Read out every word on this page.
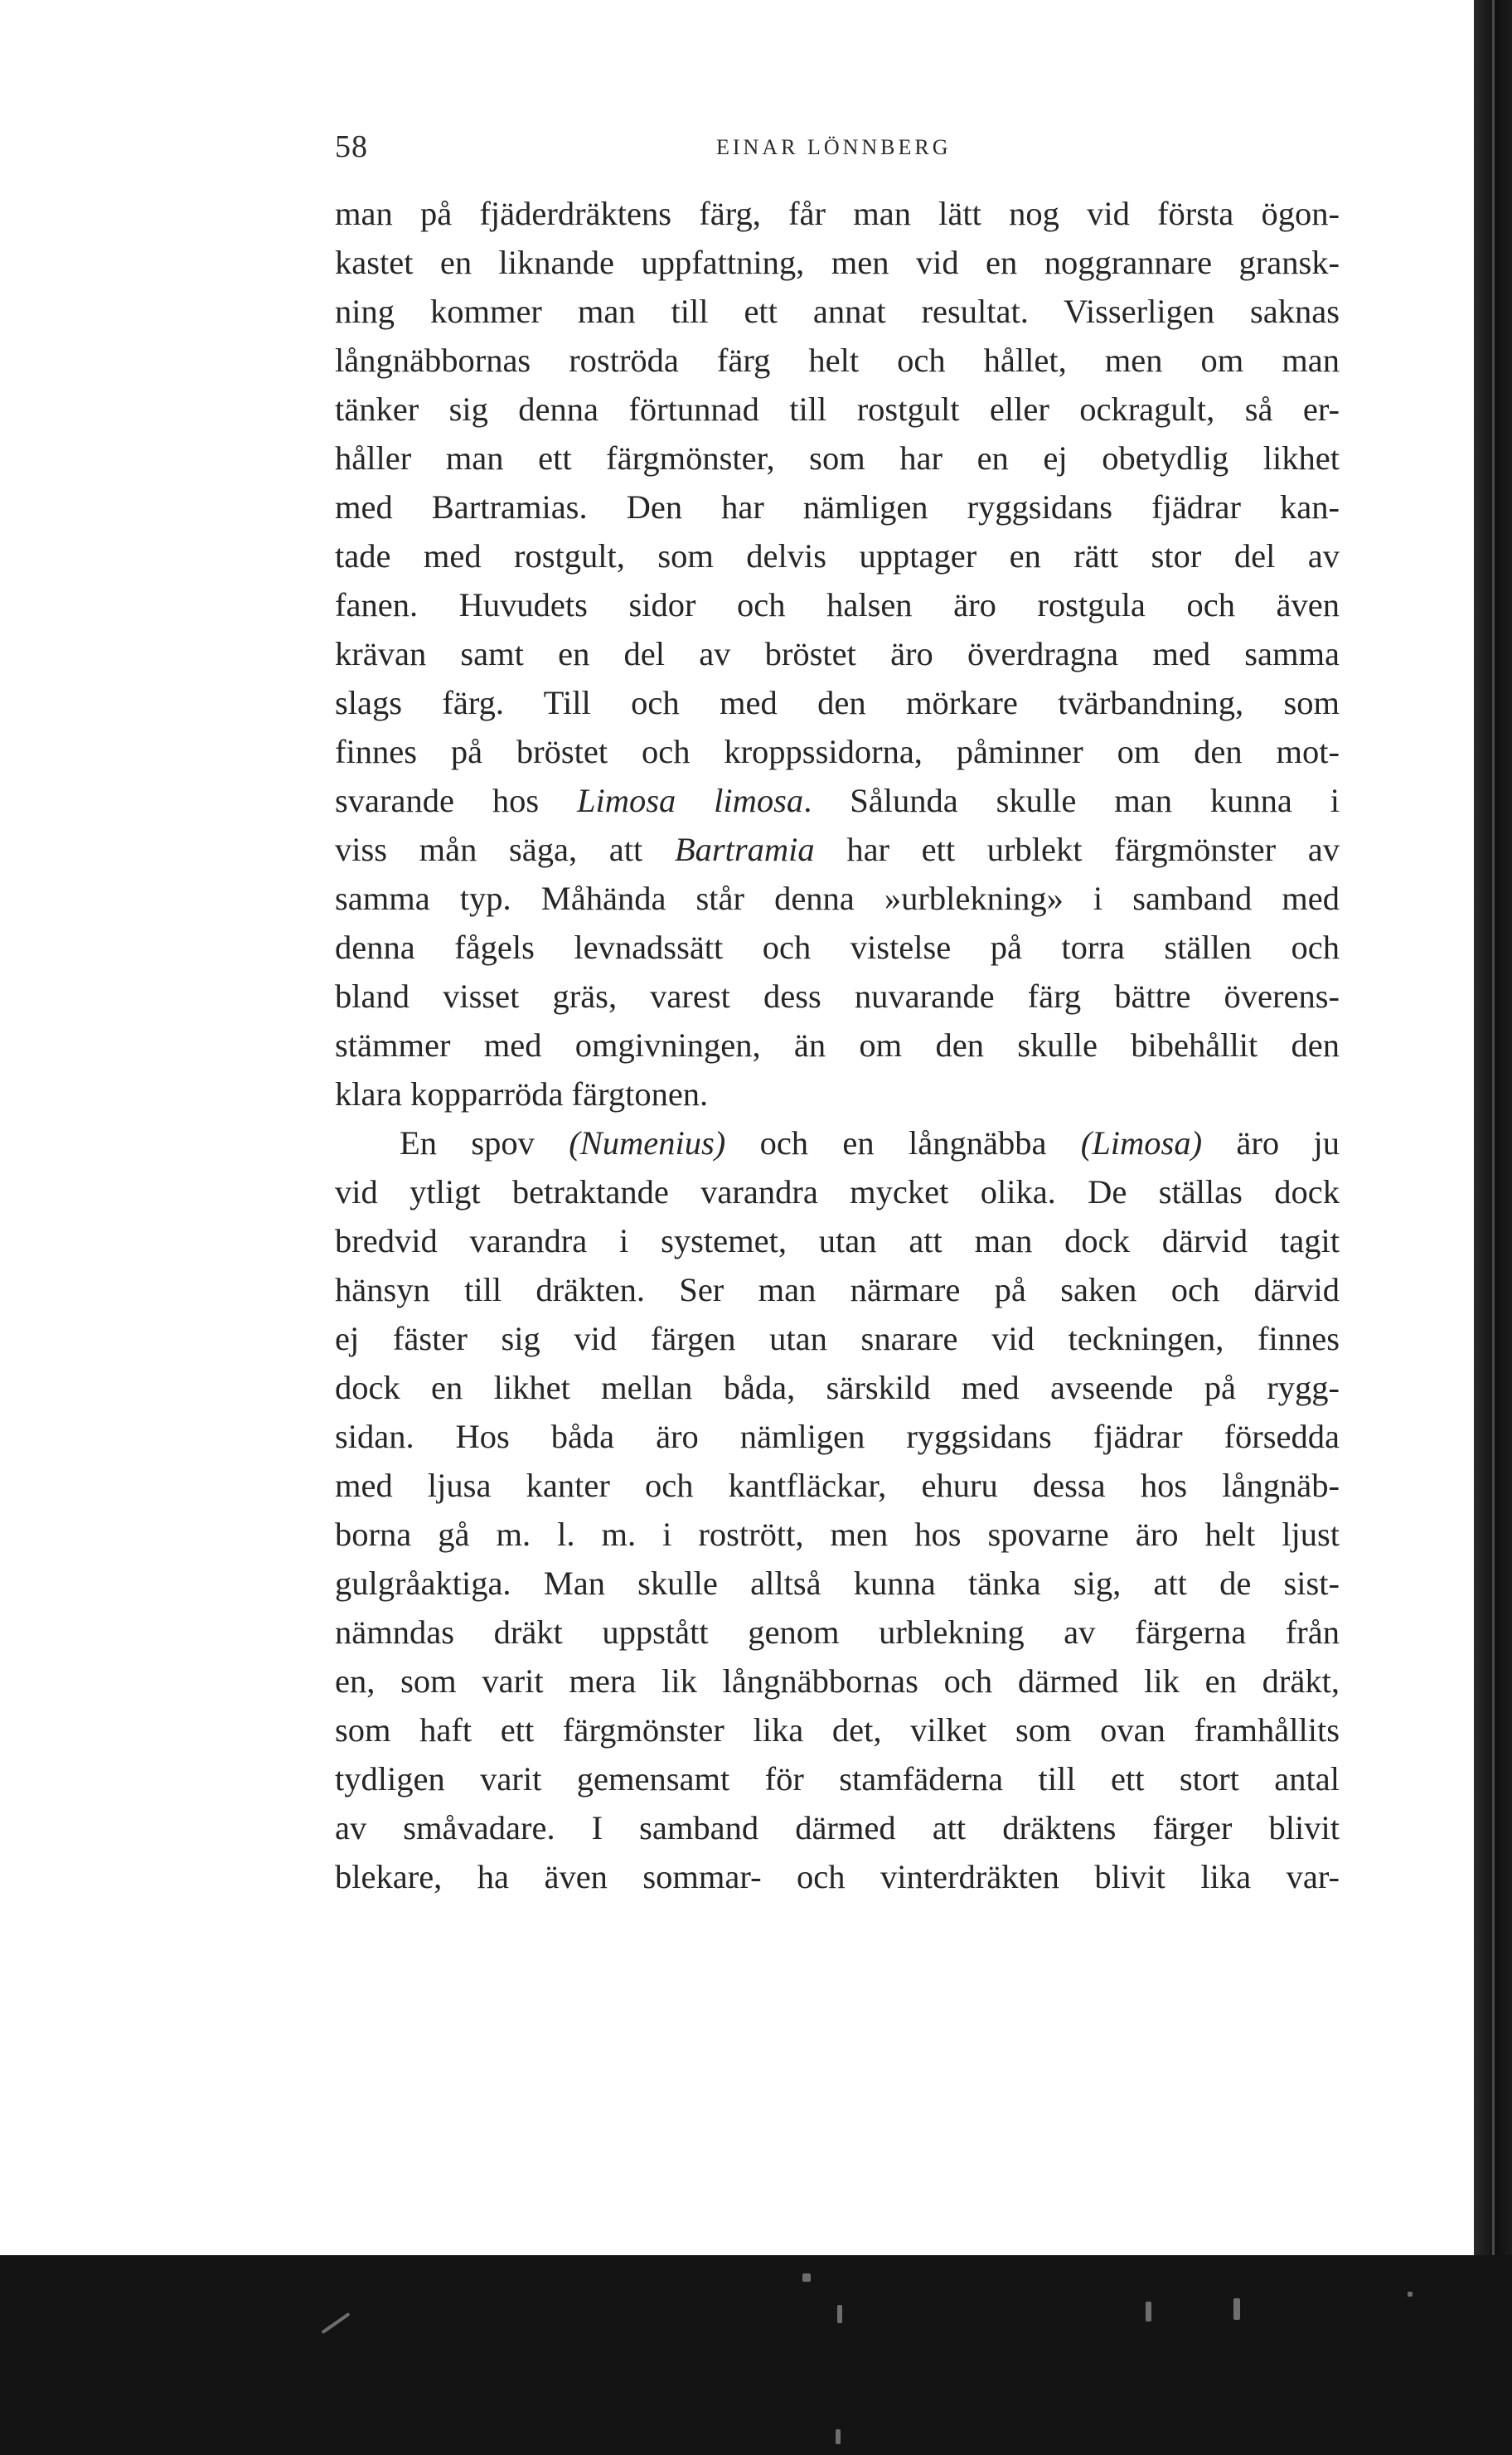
58	EINAR LÖNNBERG
man på fjäderdräktens färg, får man lätt nog vid första ögon-
kastet en liknande uppfattning, men vid en noggrannare gransk-
ning kommer man till ett annat resultat. Visserligen saknas
långnäbbornas roströda färg helt och hållet, men om man
tänker sig denna förtunnad till rostgult eller ockragult, så er-
håller man ett färgmönster, som har en ej obetydlig likhet
med Bartramias. Den har nämligen ryggsidans fjädrar kan-
tade med rostgult, som delvis upptager en rätt stor del av
fanen. Huvudets sidor och halsen äro rostgula och även
krävan samt en del av bröstet äro överdragna med samma
slags färg. Till och med den mörkare tvärbandning, som
finnes på bröstet och kroppssidorna, påminner om den mot-
svarande hos Limosa limosa. Sålunda skulle man kunna i
viss mån säga, att Bartramia har ett urblekt färgmönster av
samma typ. Måhända står denna »urblekning» i samband med
denna fågels levnadssätt och vistelse på torra ställen och
bland visset gräs, varest dess nuvarande färg bättre överens-
stämmer med omgivningen, än om den skulle bibehållit den
klara kopparröda färgtonen.
En spov (Numenius) och en långnäbba (Limosa) äro ju
vid ytligt betraktande varandra mycket olika. De ställas dock
bredvid varandra i systemet, utan att man dock därvid tagit
hänsyn till dräkten. Ser man närmare på saken och därvid
ej fäster sig vid färgen utan snarare vid teckningen, finnes
dock en likhet mellan båda, särskild med avseende på rygg-
sidan. Hos båda äro nämligen ryggsidans fjädrar försedda
med ljusa kanter och kantfläckar, ehuru dessa hos långnäb-
borna gå m. l. m. i rostrött, men hos spovarne äro helt ljust
gulgråaktiga. Man skulle alltså kunna tänka sig, att de sist-
nämndas dräkt uppstått genom urblekning av färgerna från
en, som varit mera lik långnäbbornas och därmed lik en dräkt,
som haft ett färgmönster lika det, vilket som ovan framhållits
tydligen varit gemensamt för stamfäderna till ett stort antal
av småvadare. I samband därmed att dräktens färger blivit
blekare, ha även sommar- och vinterdräkten blivit lika var-
